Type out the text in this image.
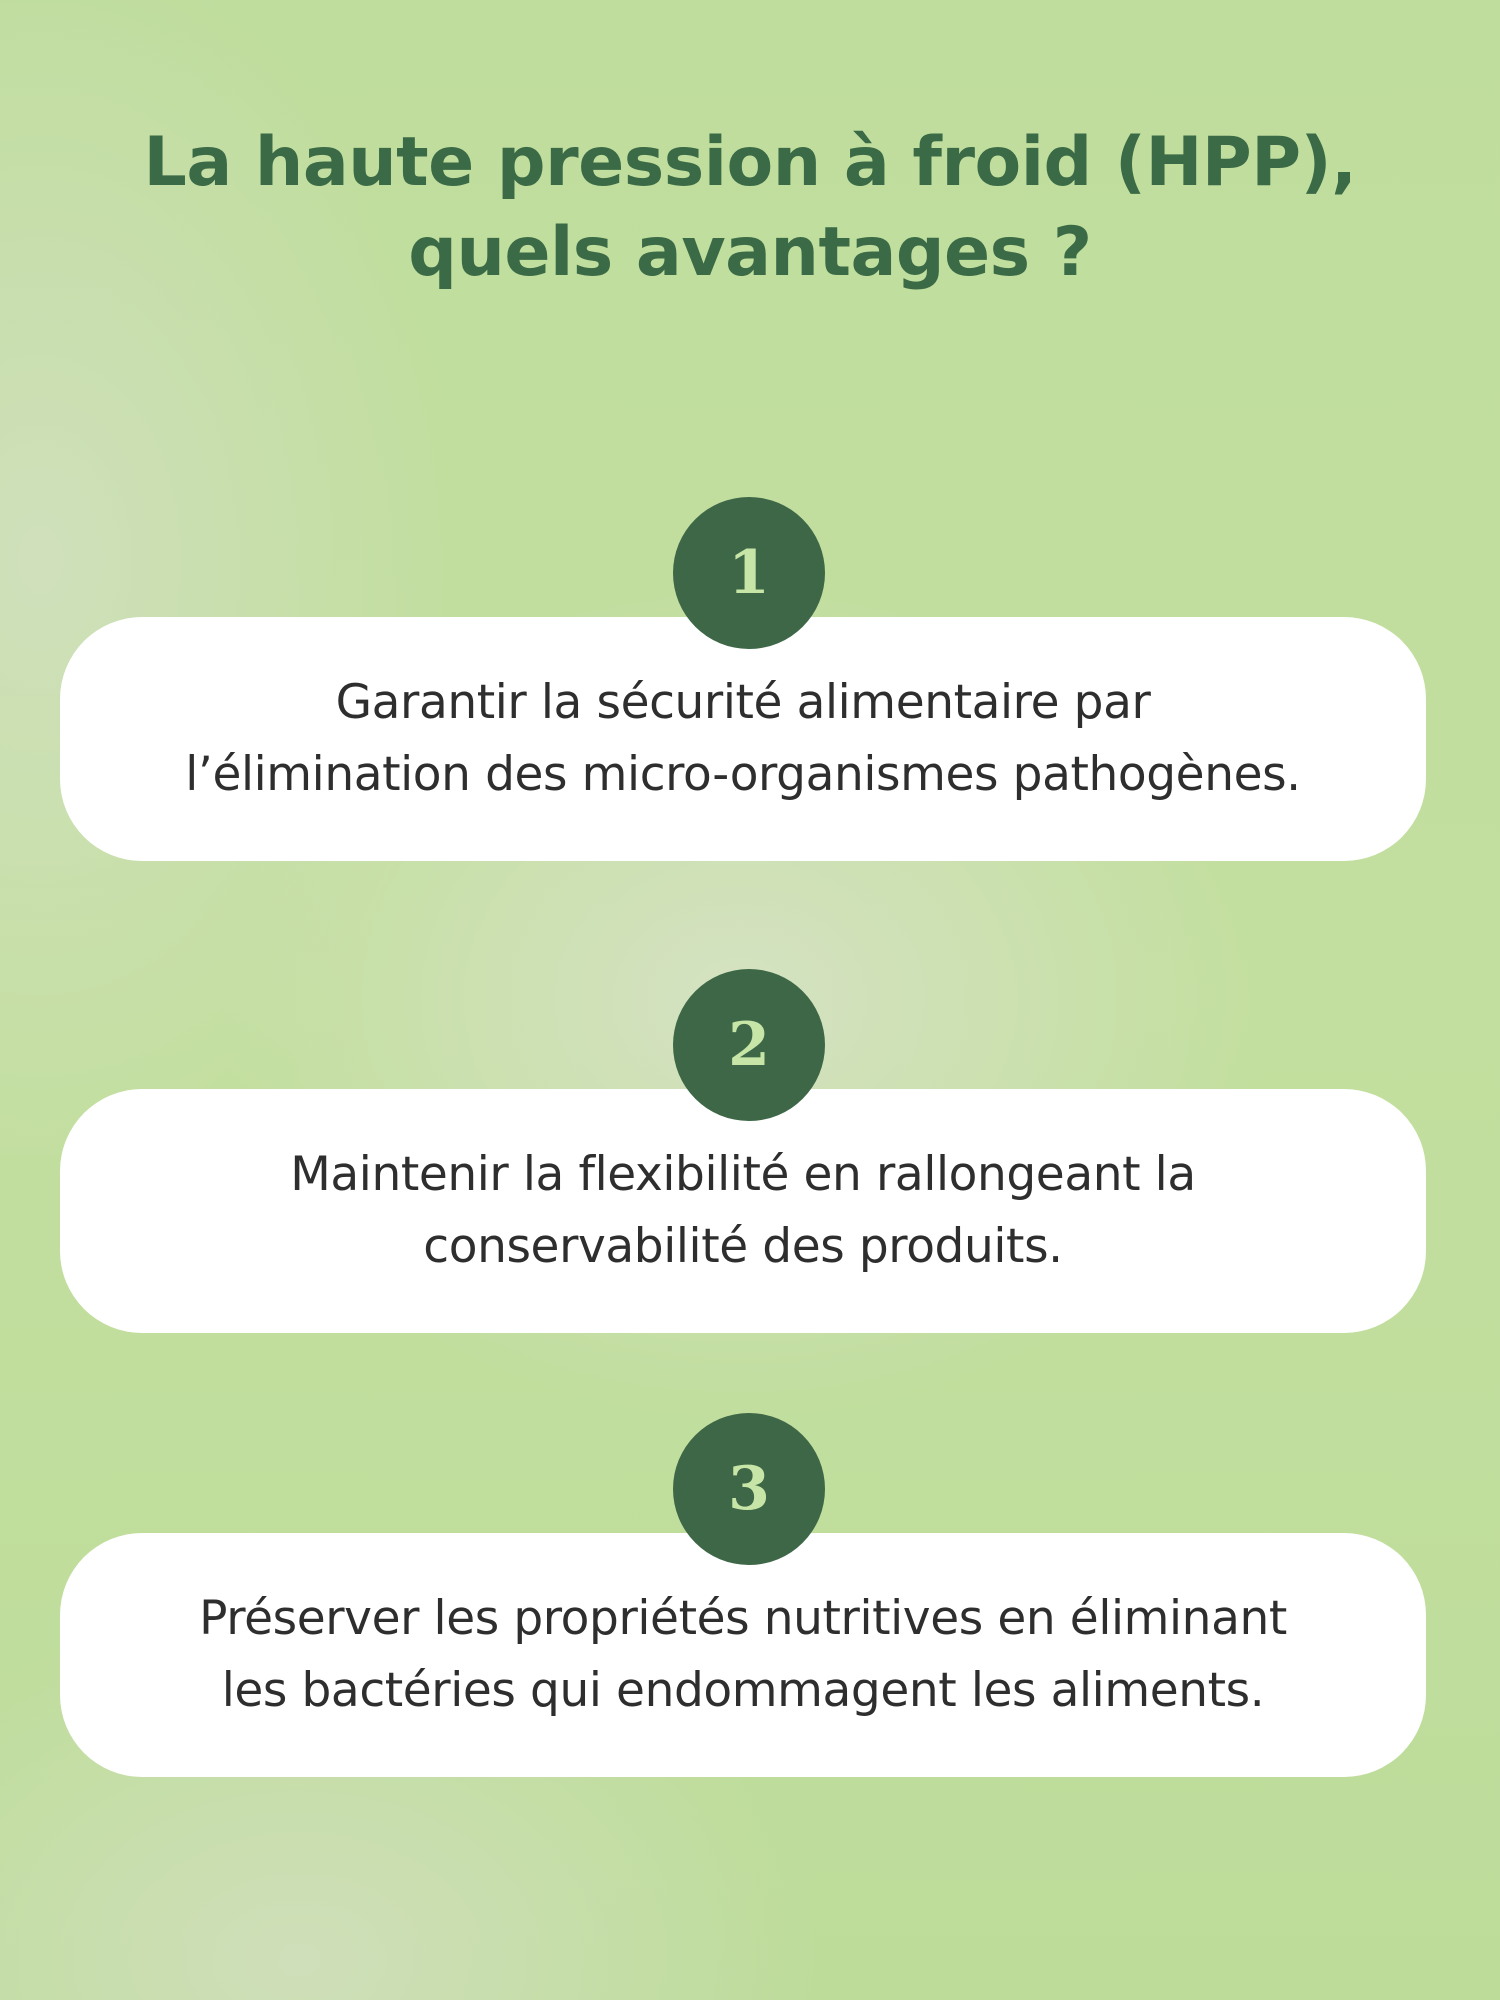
La haute pression à froid (HPP),
quels avantages ?
1
Garantir la sécurité alimentaire par
l’élimination des micro-organismes pathogènes.
2
Maintenir la flexibilité en rallongeant la
conservabilité des produits.
3
Préserver les propriétés nutritives en éliminant
les bactéries qui endommagent les aliments.
